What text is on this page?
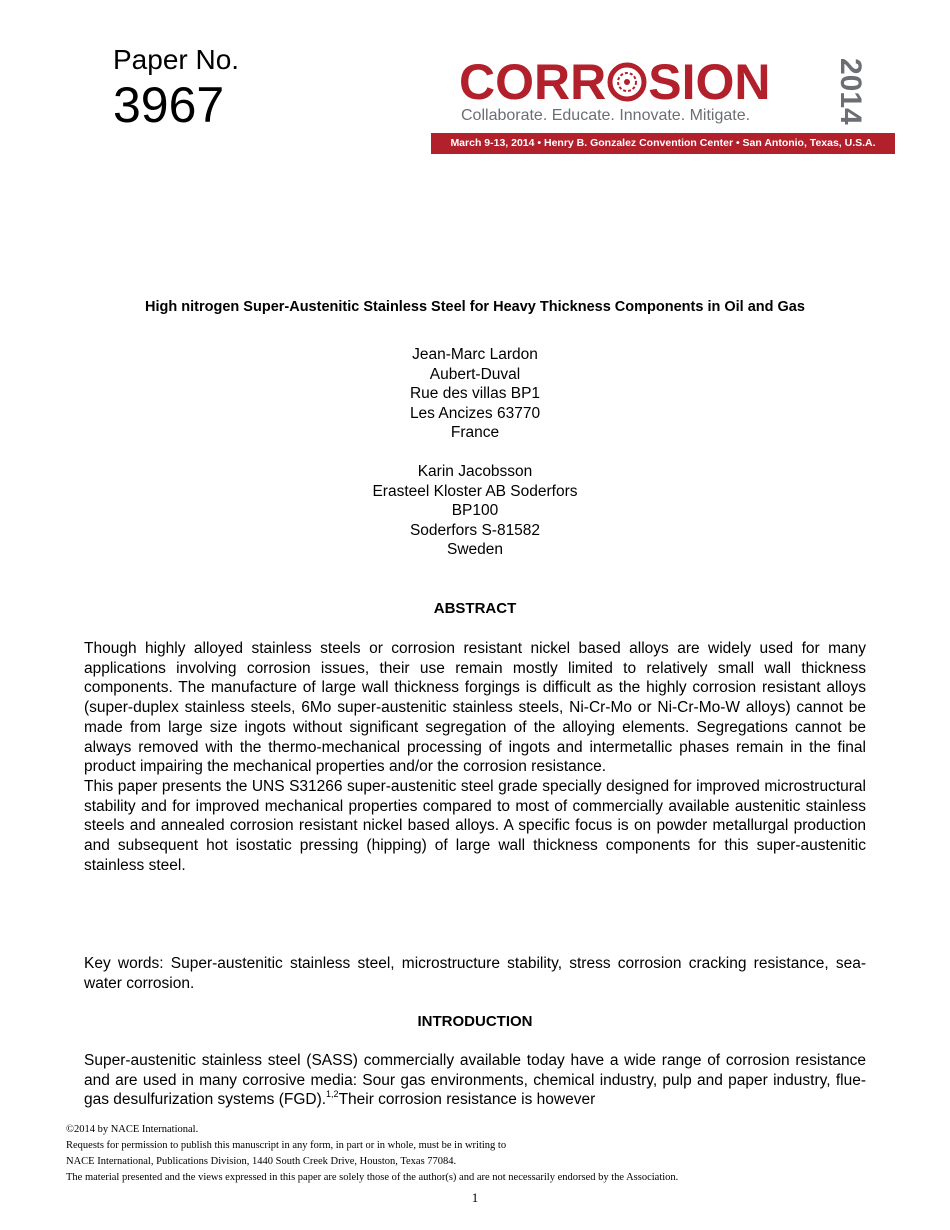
Paper No.
3967	CORR SION 2014
Collaborate. Educate. Innovate. Mitigate.
March 9-13, 2014 • Henry B. Gonzalez Convention Center • San Antonio, Texas, U.S.A.
High nitrogen Super-Austenitic Stainless Steel for Heavy Thickness Components in Oil and Gas
Jean-Marc Lardon
Aubert-Duval
Rue des villas BP1
Les Ancizes 63770
France
Karin Jacobsson
Erasteel Kloster AB Soderfors
BP100
Soderfors S-81582
Sweden
ABSTRACT

Though highly alloyed stainless steels or corrosion resistant nickel based alloys are widely used for many applications involving corrosion issues, their use remain mostly limited to relatively small wall thickness components. The manufacture of large wall thickness forgings is difficult as the highly corrosion resistant alloys (super-duplex stainless steels, 6Mo super-austenitic stainless steels, Ni-Cr-Mo or Ni-Cr-Mo-W alloys) cannot be made from large size ingots without significant segregation of the alloying elements. Segregations cannot be always removed with the thermo-mechanical processing of ingots and intermetallic phases remain in the final product impairing the mechanical properties and/or the corrosion resistance.

This paper presents the UNS S31266 super-austenitic steel grade specially designed for improved microstructural stability and for improved mechanical properties compared to most of commercially available austenitic stainless steels and annealed corrosion resistant nickel based alloys. A specific focus is on powder metallurgal production and subsequent hot isostatic pressing (hipping) of large wall thickness components for this super-austenitic stainless steel.

Key words: Super-austenitic stainless steel, microstructure stability, stress corrosion cracking resistance, sea-water corrosion.
INTRODUCTION
Super-austenitic stainless steel (SASS) commercially available today have a wide range of corrosion resistance and are used in many corrosive media: Sour gas environments, chemical industry, pulp and paper industry, flue-gas desulfurization systems (FGD).$^{1,2}$Their corrosion resistance is however
©2014 by NACE International.
Requests for permission to publish this manuscript in any form, in part or in whole, must be in writing to
NACE International, Publications Division, 1440 South Creek Drive, Houston, Texas 77084.
The material presented and the views expressed in this paper are solely those of the author(s) and are not necessarily endorsed by the Association.
1
